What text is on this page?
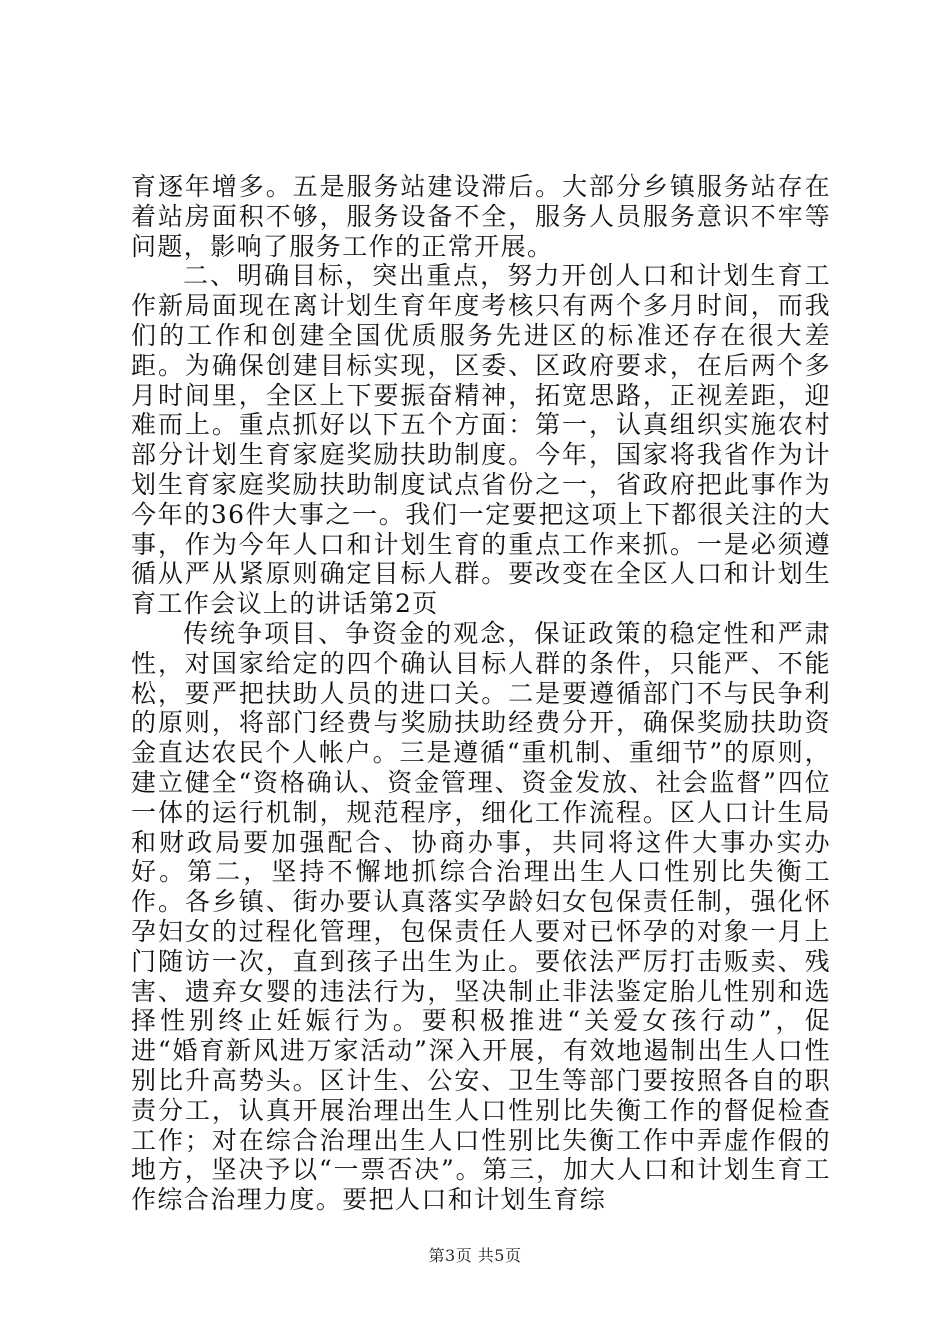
育逐年增多。五是服务站建设滞后。大部分乡镇服务站存在着站房面积不够，服务设备不全，服务人员服务意识不牢等问题，影响了服务工作的正常开展。

二、明确目标，突出重点，努力开创人口和计划生育工作新局面现在离计划生育年度考核只有两个多月时间，而我们的工作和创建全国优质服务先进区的标准还存在很大差距。为确保创建目标实现，区委、区政府要求，在后两个多月时间里，全区上下要振奋精神，拓宽思路，正视差距，迎难而上。重点抓好以下五个方面：第一，认真组织实施农村部分计划生育家庭奖励扶助制度。今年，国家将我省作为计划生育家庭奖励扶助制度试点省份之一，省政府把此事作为今年的36件大事之一。我们一定要把这项上下都很关注的大事，作为今年人口和计划生育的重点工作来抓。一是必须遵循从严从紧原则确定目标人群。要改变在全区人口和计划生育工作会议上的讲话第2页

传统争项目、争资金的观念，保证政策的稳定性和严肃性，对国家给定的四个确认目标人群的条件，只能严、不能松，要严把扶助人员的进口关。二是要遵循部门不与民争利的原则，将部门经费与奖励扶助经费分开，确保奖励扶助资金直达农民个人帐户。三是遵循“重机制、重细节”的原则，建立健全“资格确认、资金管理、资金发放、社会监督”四位一体的运行机制，规范程序，细化工作流程。区人口计生局和财政局要加强配合、协商办事，共同将这件大事办实办好。第二，坚持不懈地抓综合治理出生人口性别比失衡工作。各乡镇、街办要认真落实孕龄妇女包保责任制，强化怀孕妇女的过程化管理，包保责任人要对已怀孕的对象一月上门随访一次，直到孩子出生为止。要依法严厉打击贩卖、残害、遗弃女婴的违法行为，坚决制止非法鉴定胎儿性别和选择性别终止妊娠行为。要积极推进“关爱女孩行动”，促进“婚育新风进万家活动”深入开展，有效地遏制出生人口性别比升高势头。区计生、公安、卫生等部门要按照各自的职责分工，认真开展治理出生人口性别比失衡工作的督促检查工作；对在综合治理出生人口性别比失衡工作中弄虚作假的地方，坚决予以“一票否决”。第三，加大人口和计划生育工作综合治理力度。要把人口和计划生育综

第3页 共5页
